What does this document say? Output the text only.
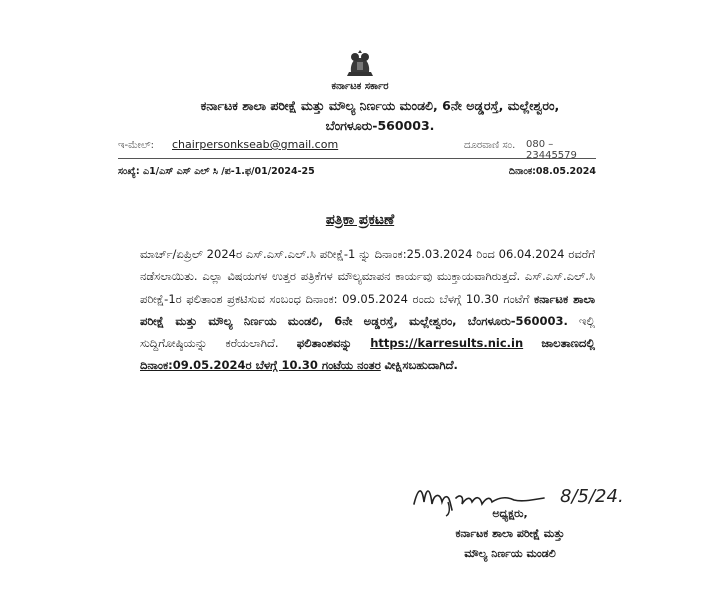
ಕರ್ನಾಟಕ ಸರ್ಕಾರ
ಕರ್ನಾಟಕ ಶಾಲಾ ಪರೀಕ್ಷೆ ಮತ್ತು ಮೌಲ್ಯ ನಿರ್ಣಯ ಮಂಡಲಿ, 6ನೇ ಅಡ್ಡರಸ್ತೆ, ಮಲ್ಲೇಶ್ವರಂ,
ಬೆಂಗಳೂರು-560003.
ಇ-ಮೇಲ್: chairpersonkseab@gmail.com	ದೂರವಾಣಿ ಸಂ. 080 – 23445579
ಸಂಖ್ಯೆ: ಎ1/ಎಸ್ ಎಸ್ ಎಲ್ ಸಿ /ಪ-1.ಫ/01/2024-25	ದಿನಾಂಕ:08.05.2024
ಪತ್ರಿಕಾ ಪ್ರಕಟಣೆ
ಮಾರ್ಚ್/ಏಪ್ರಿಲ್ 2024ರ ಎಸ್.ಎಸ್.ಎಲ್.ಸಿ ಪರೀಕ್ಷೆ-1 ನ್ನು ದಿನಾಂಕ:25.03.2024 ರಿಂದ 06.04.2024 ರವರೆಗೆ ನಡೆಸಲಾಯಿತು. ಎಲ್ಲಾ ವಿಷಯಗಳ ಉತ್ತರ ಪತ್ರಿಕೆಗಳ ಮೌಲ್ಯಮಾಪನ ಕಾರ್ಯವು ಮುಕ್ತಾಯವಾಗಿರುತ್ತದೆ. ಎಸ್.ಎಸ್.ಎಲ್.ಸಿ ಪರೀಕ್ಷೆ-1ರ ಫಲಿತಾಂಶ ಪ್ರಕಟಿಸುವ ಸಂಬಂಧ ದಿನಾಂಕ: 09.05.2024 ರಂದು ಬೆಳಗ್ಗೆ 10.30 ಗಂಟೆಗೆ ಕರ್ನಾಟಕ ಶಾಲಾ ಪರೀಕ್ಷೆ ಮತ್ತು ಮೌಲ್ಯ ನಿರ್ಣಯ ಮಂಡಲಿ, 6ನೇ ಅಡ್ಡರಸ್ತೆ, ಮಲ್ಲೇಶ್ವರಂ, ಬೆಂಗಳೂರು-560003. ಇಲ್ಲಿ ಸುದ್ದಿಗೋಷ್ಠಿಯನ್ನು ಕರೆಯಲಾಗಿದೆ. ಫಲಿತಾಂಶವನ್ನು https://karresults.nic.in ಜಾಲತಾಣದಲ್ಲಿ ದಿನಾಂಕ:09.05.2024ರ ಬೆಳಗ್ಗೆ 10.30 ಗಂಟೆಯ ನಂತರ ವೀಕ್ಷಿಸಬಹುದಾಗಿದೆ.
8/5/24.
ಅಧ್ಯಕ್ಷರು,
ಕರ್ನಾಟಕ ಶಾಲಾ ಪರೀಕ್ಷೆ ಮತ್ತು
ಮೌಲ್ಯ ನಿರ್ಣಯ ಮಂಡಲಿ
